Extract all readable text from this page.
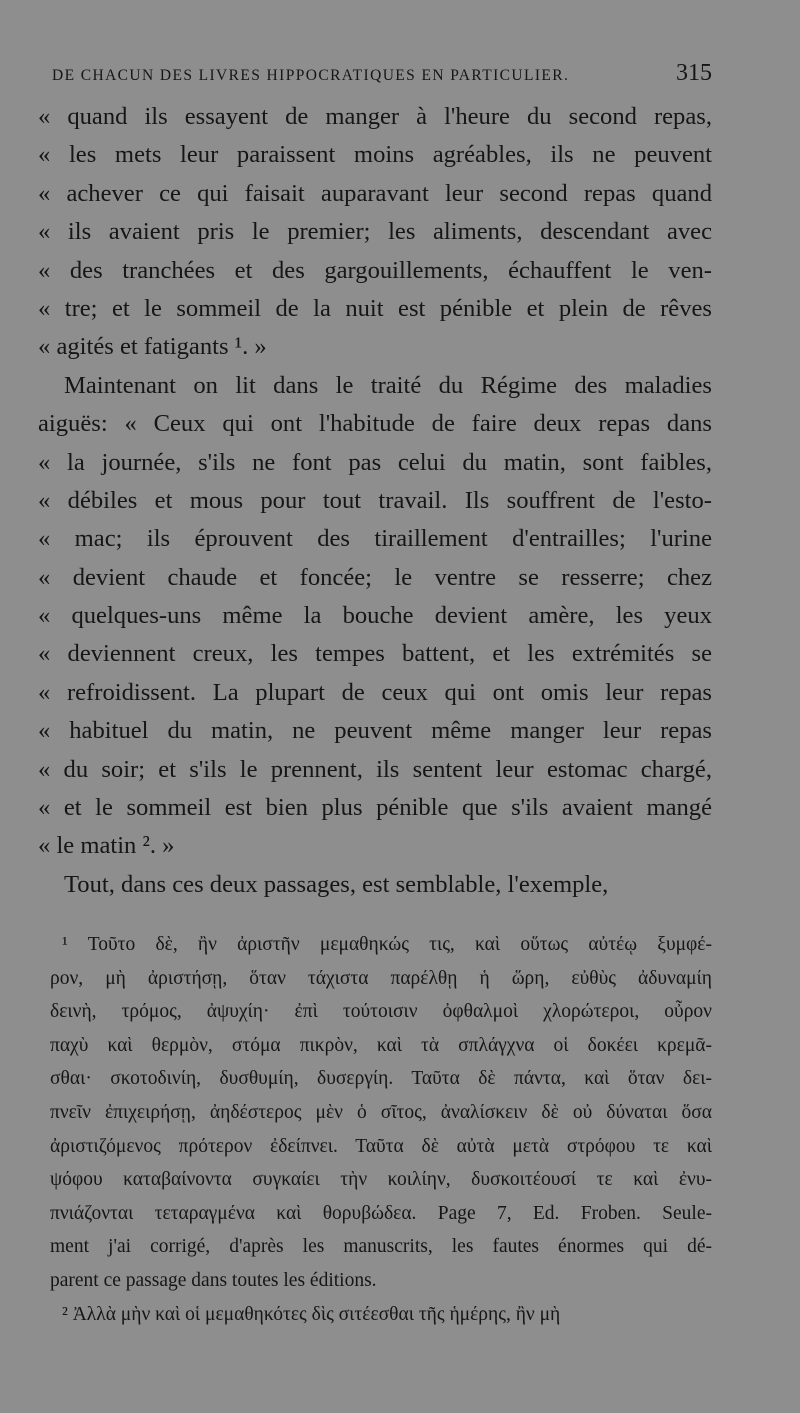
DE CHACUN DES LIVRES HIPPOCRATIQUES EN PARTICULIER.	315
« quand ils essayent de manger à l'heure du second repas,
« les mets leur paraissent moins agréables, ils ne peuvent
« achever ce qui faisait auparavant leur second repas quand
« ils avaient pris le premier; les aliments, descendant avec
« des tranchées et des gargouillements, échauffent le ven-
« tre; et le sommeil de la nuit est pénible et plein de rêves
« agités et fatigants ¹. »
Maintenant on lit dans le traité du Régime des maladies
aiguës: « Ceux qui ont l'habitude de faire deux repas dans
« la journée, s'ils ne font pas celui du matin, sont faibles,
« débiles et mous pour tout travail. Ils souffrent de l'esto-
« mac; ils éprouvent des tiraillement d'entrailles; l'urine
« devient chaude et foncée; le ventre se resserre; chez
« quelques-uns même la bouche devient amère, les yeux
« deviennent creux, les tempes battent, et les extrémités se
« refroidissent. La plupart de ceux qui ont omis leur repas
« habituel du matin, ne peuvent même manger leur repas
« du soir; et s'ils le prennent, ils sentent leur estomac chargé,
« et le sommeil est bien plus pénible que s'ils avaient mangé
« le matin ². »
Tout, dans ces deux passages, est semblable, l'exemple,
¹ Τοῦτο δὲ, ἢν ἀριστῆν μεμαθηκώς τις, καὶ οὕτως αὐτέῳ ξυμφέ-
ρον, μὴ ἀριστήσῃ, ὅταν τάχιστα παρέλθῃ ἡ ὥρη, εὐθὺς ἀδυναμίη
δεινὴ, τρόμος, ἀψυχίη· ἐπὶ τούτοισιν ὀφθαλμοὶ χλορώτεροι, οὖρον
παχὺ καὶ θερμὸν, στόμα πικρὸν, καὶ τὰ σπλάγχνα οἱ δοκέει κρεμᾶ-
σθαι· σκοτοδινίη, δυσθυμίη, δυσεργίη. Ταῦτα δὲ πάντα, καὶ ὅταν δει-
πνεῖν ἐπιχειρήσῃ, ἀηδέστερος μὲν ὁ σῖτος, ἀναλίσκειν δὲ οὐ δύναται ὅσα
ἀριστιζόμενος πρότερον ἐδείπνει. Ταῦτα δὲ αὐτὰ μετὰ στρόφου τε καὶ
ψόφου καταβαίνοντα συγκαίει τὴν κοιλίην, δυσκοιτέουσί τε καὶ ἐνυ-
πνιάζονται τεταραγμένα καὶ θορυβώδεα. Page 7, Ed. Froben. Seule-
ment j'ai corrigé, d'après les manuscrits, les fautes énormes qui dé-
parent ce passage dans toutes les éditions.
² Ἀλλὰ μὴν καὶ οἱ μεμαθηκότες δὶς σιτέεσθαι τῆς ἡμέρης, ἢν μὴ
